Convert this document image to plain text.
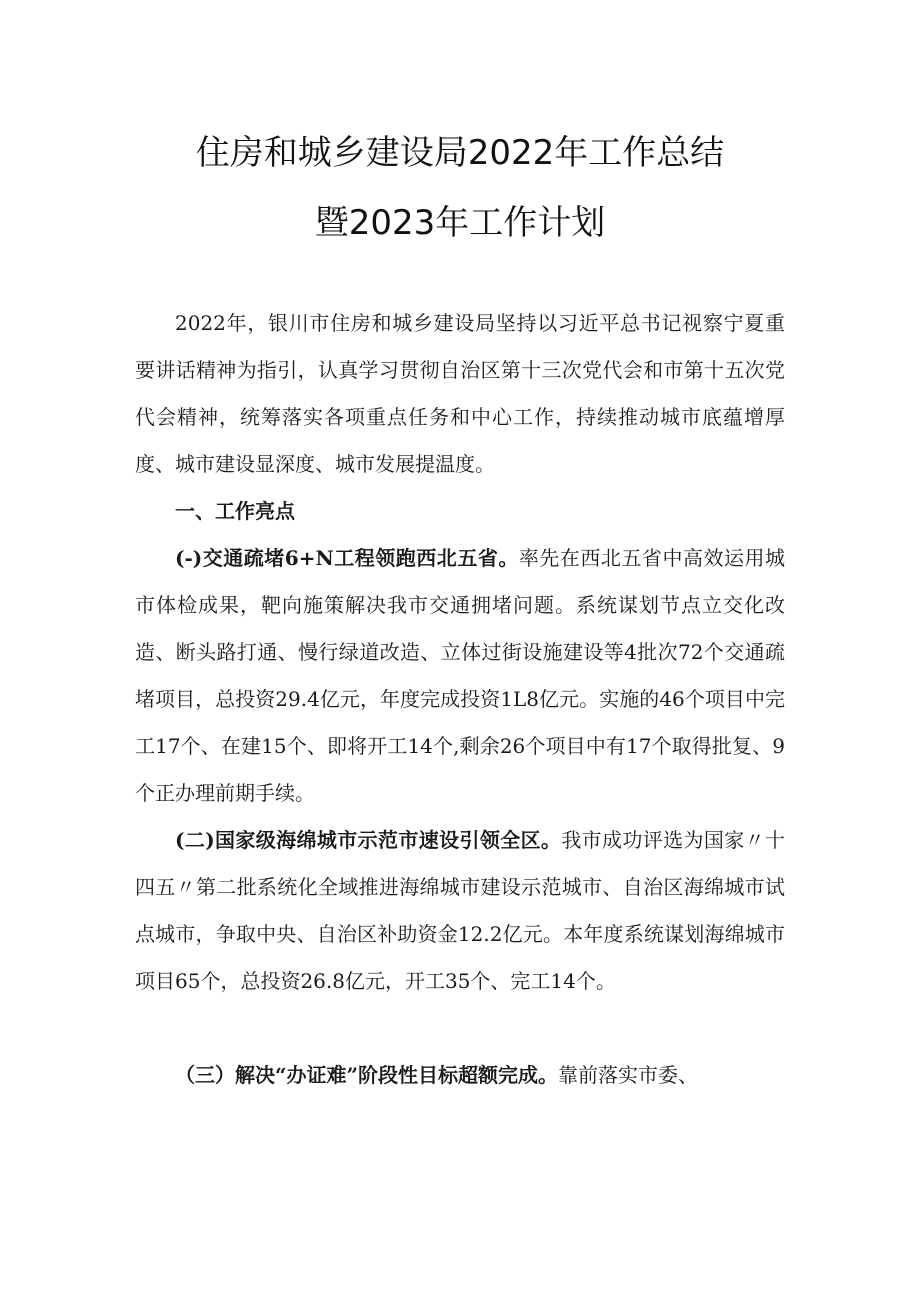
住房和城乡建设局2022年工作总结
暨2023年工作计划

2022年，银川市住房和城乡建设局坚持以习近平总书记视察宁夏重要讲话精神为指引，认真学习贯彻自治区第十三次党代会和市第十五次党代会精神，统筹落实各项重点任务和中心工作，持续推动城市底蕴增厚度、城市建设显深度、城市发展提温度。

一、工作亮点

(-)交通疏堵6+N工程领跑西北五省。率先在西北五省中高效运用城市体检成果，靶向施策解决我市交通拥堵问题。系统谋划节点立交化改造、断头路打通、慢行绿道改造、立体过街设施建设等4批次72个交通疏堵项目，总投资29.4亿元，年度完成投资1L8亿元。实施的46个项目中完工17个、在建15个、即将开工14个,剩余26个项目中有17个取得批复、9个正办理前期手续。

(二)国家级海绵城市示范市速设引领全区。我市成功评选为国家〃十四五〃第二批系统化全域推进海绵城市建设示范城市、自治区海绵城市试点城市，争取中央、自治区补助资金12.2亿元。本年度系统谋划海绵城市项目65个，总投资26.8亿元，开工35个、完工14个。

（三）解决“办证难”阶段性目标超额完成。靠前落实市委、
